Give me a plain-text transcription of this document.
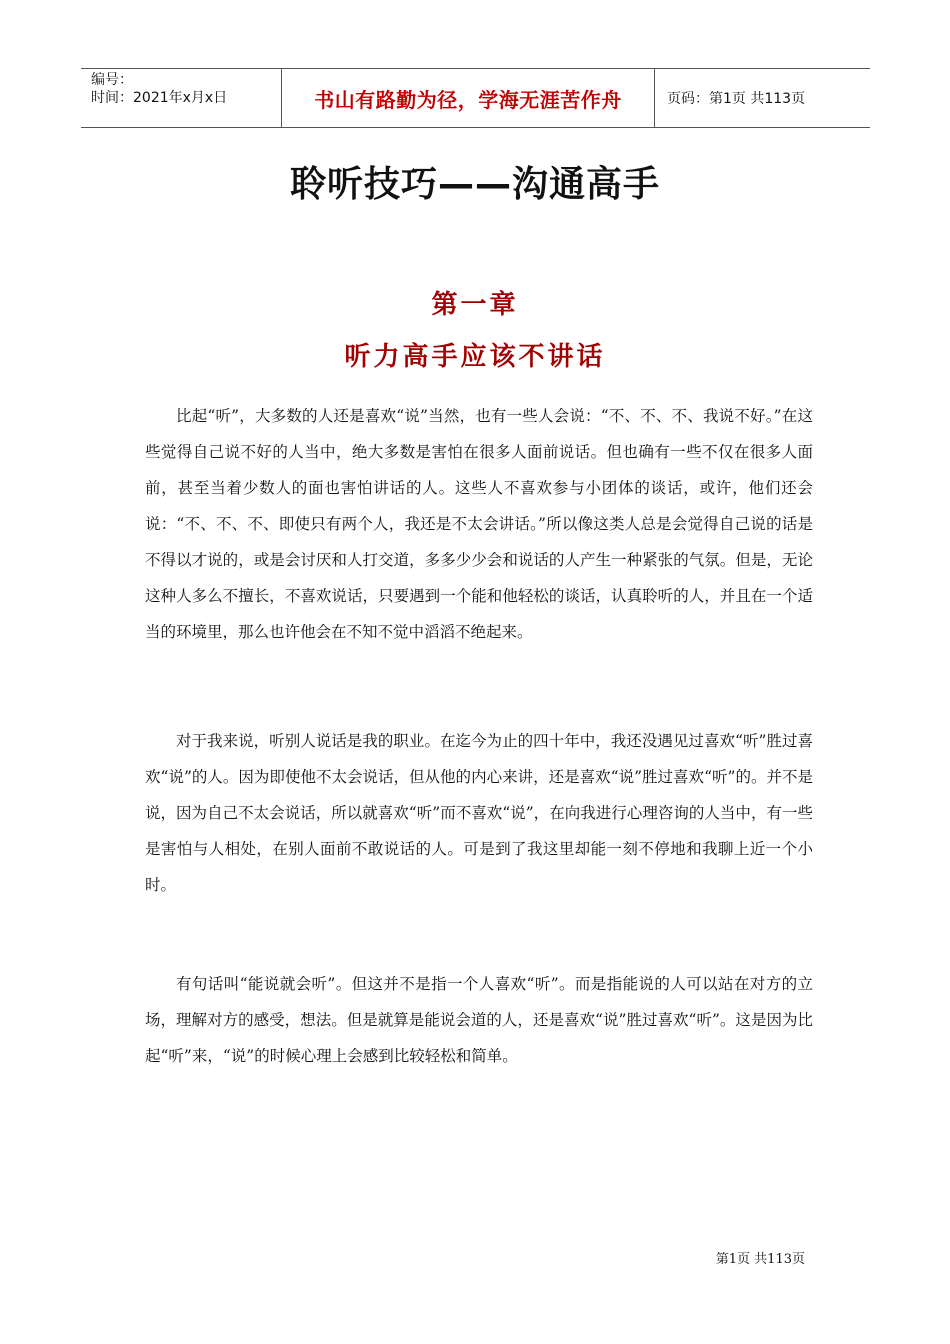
编号：
时间：2021年x月x日	书山有路勤为径，学海无涯苦作舟	页码：第1页 共113页
聆听技巧——沟通高手
第一章
听力高手应该不讲话

比起“听”，大多数的人还是喜欢“说”当然，也有一些人会说：“不、不、不、我说不好。”在这些觉得自己说不好的人当中，绝大多数是害怕在很多人面前说话。但也确有一些不仅在很多人面前，甚至当着少数人的面也害怕讲话的人。这些人不喜欢参与小团体的谈话，或许，他们还会说：“不、不、不、即使只有两个人，我还是不太会讲话。”所以像这类人总是会觉得自己说的话是不得以才说的，或是会讨厌和人打交道，多多少少会和说话的人产生一种紧张的气氛。但是，无论这种人多么不擅长，不喜欢说话，只要遇到一个能和他轻松的谈话，认真聆听的人，并且在一个适当的环境里，那么也许他会在不知不觉中滔滔不绝起来。

对于我来说，听别人说话是我的职业。在迄今为止的四十年中，我还没遇见过喜欢“听”胜过喜欢“说”的人。因为即使他不太会说话，但从他的内心来讲，还是喜欢“说”胜过喜欢“听”的。并不是说，因为自己不太会说话，所以就喜欢“听”而不喜欢“说”，在向我进行心理咨询的人当中，有一些是害怕与人相处，在别人面前不敢说话的人。可是到了我这里却能一刻不停地和我聊上近一个小时。

有句话叫“能说就会听”。但这并不是指一个人喜欢“听”。而是指能说的人可以站在对方的立场，理解对方的感受，想法。但是就算是能说会道的人，还是喜欢“说”胜过喜欢“听”。这是因为比起“听”来，“说”的时候心理上会感到比较轻松和简单。

第1页 共113页
